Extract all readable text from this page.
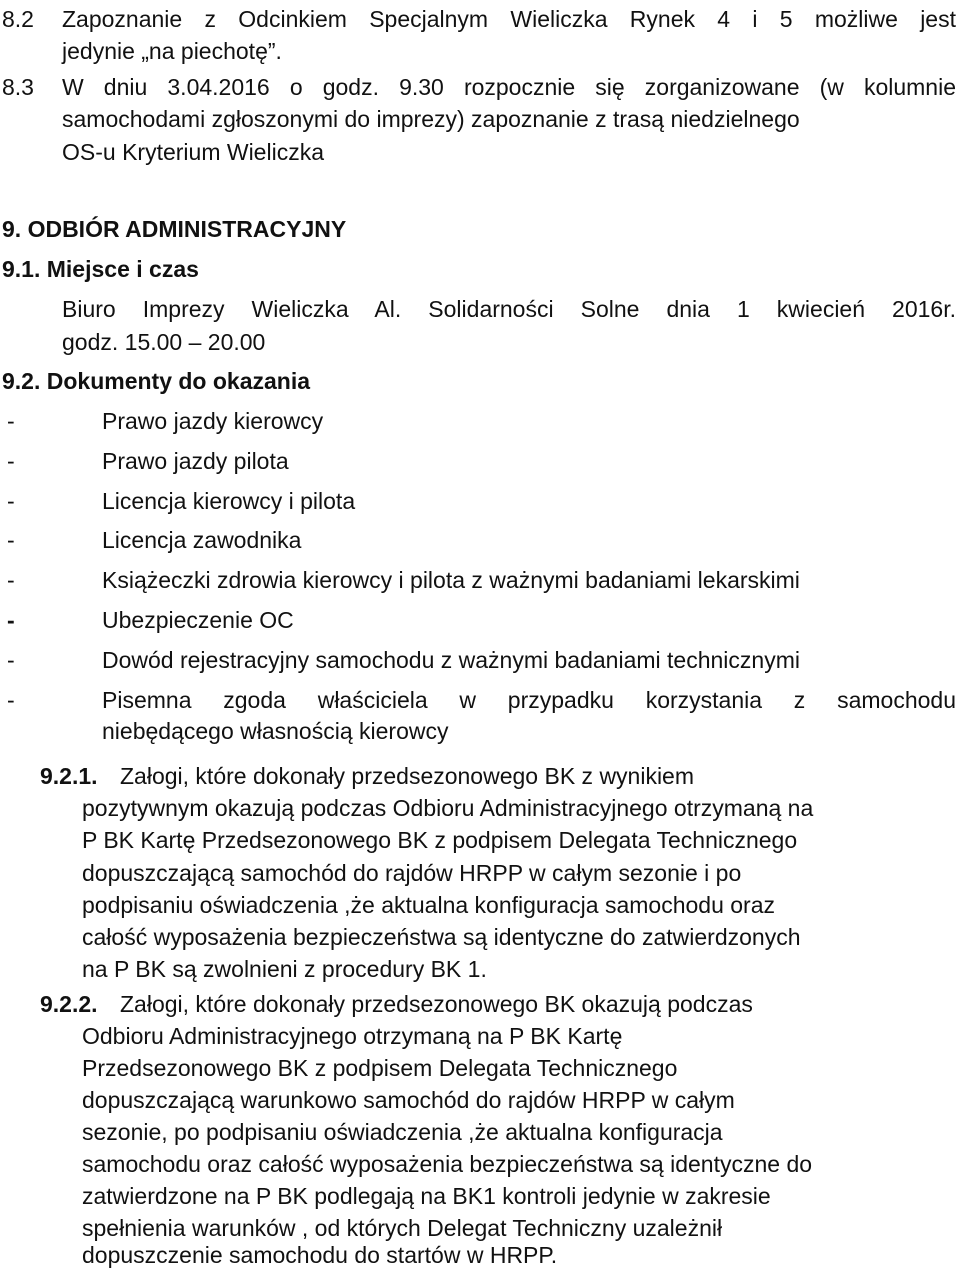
8.2 Zapoznanie z Odcinkiem Specjalnym Wieliczka Rynek 4 i 5 możliwe jest
jedynie „na piechotę”.
8.3 W dniu 3.04.2016 o godz. 9.30 rozpocznie się zorganizowane (w kolumnie
samochodami zgłoszonymi do imprezy) zapoznanie z trasą niedzielnego
OS-u Kryterium Wieliczka
9. ODBIÓR ADMINISTRACYJNY
9.1. Miejsce i czas
Biuro Imprezy Wieliczka Al. Solidarności Solne dnia 1 kwiecień 2016r.
godz. 15.00 – 20.00
9.2. Dokumenty do okazania
-	Prawo jazdy kierowcy
-	Prawo jazdy pilota
-	Licencja kierowcy i pilota
-	Licencja zawodnika
-	Książeczki zdrowia kierowcy i pilota z ważnymi badaniami lekarskimi
-	Ubezpieczenie OC
-	Dowód rejestracyjny samochodu z ważnymi badaniami technicznymi
-	Pisemna zgoda właściciela w przypadku korzystania z samochodu
niebędącego własnością kierowcy
9.2.1. Załogi, które dokonały przedsezonowego BK z wynikiem
pozytywnym okazują podczas Odbioru Administracyjnego otrzymaną na
P BK Kartę Przedsezonowego BK z podpisem Delegata Technicznego
dopuszczającą samochód do rajdów HRPP w całym sezonie i po
podpisaniu oświadczenia ,że aktualna konfiguracja samochodu oraz
całość wyposażenia bezpieczeństwa są identyczne do zatwierdzonych
na P BK są zwolnieni z procedury BK 1.
9.2.2. Załogi, które dokonały przedsezonowego BK okazują podczas
Odbioru Administracyjnego otrzymaną na P BK Kartę
Przedsezonowego BK z podpisem Delegata Technicznego
dopuszczającą warunkowo samochód do rajdów HRPP w całym
sezonie, po podpisaniu oświadczenia ,że aktualna konfiguracja
samochodu oraz całość wyposażenia bezpieczeństwa są identyczne do
zatwierdzone na P BK podlegają na BK1 kontroli jedynie w zakresie
spełnienia warunków , od których Delegat Techniczny uzależnił
dopuszczenie samochodu do startów w HRPP.
